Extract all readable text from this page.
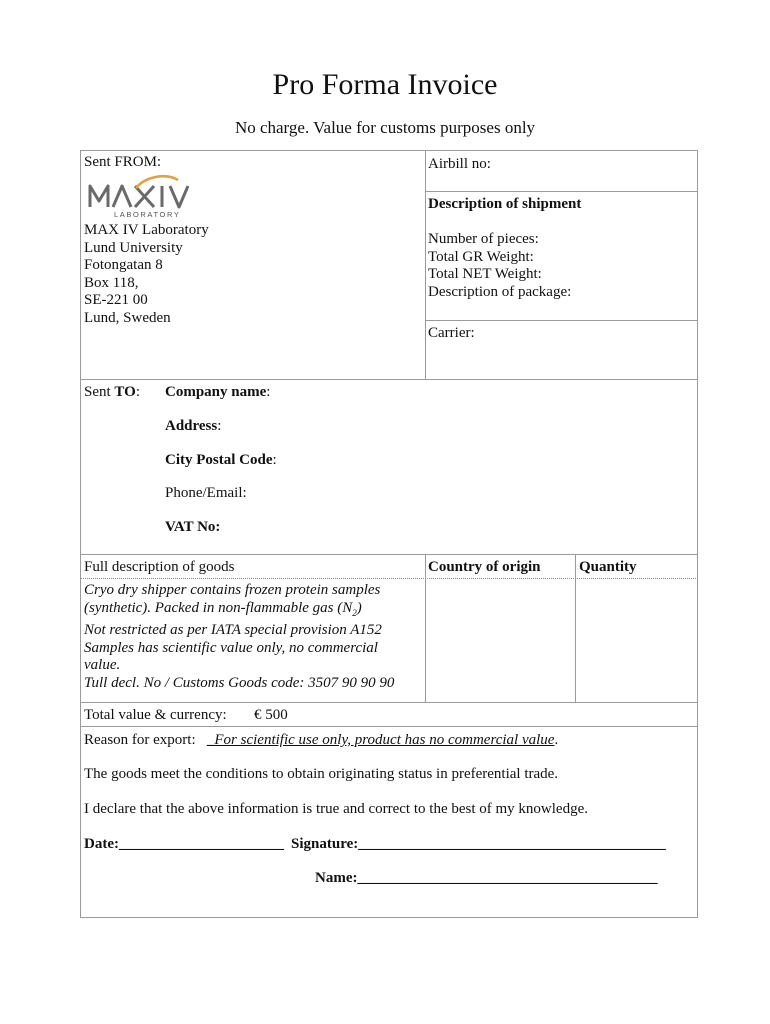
Pro Forma Invoice
No charge. Value for customs purposes only
Sent FROM:
LABORATORY
MAX IV Laboratory
Lund University
Fotongatan 8
Box 118,
SE-221 00
Lund, Sweden
Airbill no:
Description of shipment
Number of pieces:
Total GR Weight:
Total NET Weight:
Description of package:
Carrier:
Sent TO: Company name:
Address:
City Postal Code:
Phone/Email:
VAT No:
Full description of goods	Country of origin	Quantity
Cryo dry shipper contains frozen protein samples
(synthetic). Packed in non-flammable gas $(N_2)$
Not restricted as per IATA special provision A152
Samples has scientific value only, no commercial
value.
Tull decl. No / Customs Goods code: 3507 90 90 90
Total value & currency: € 500
Reason for export: _For scientific use only, product has no commercial value.
The goods meet the conditions to obtain originating status in preferential trade.
I declare that the above information is true and correct to the best of my knowledge.
Date:______________________ Signature:_________________________________________
Name:________________________________________
